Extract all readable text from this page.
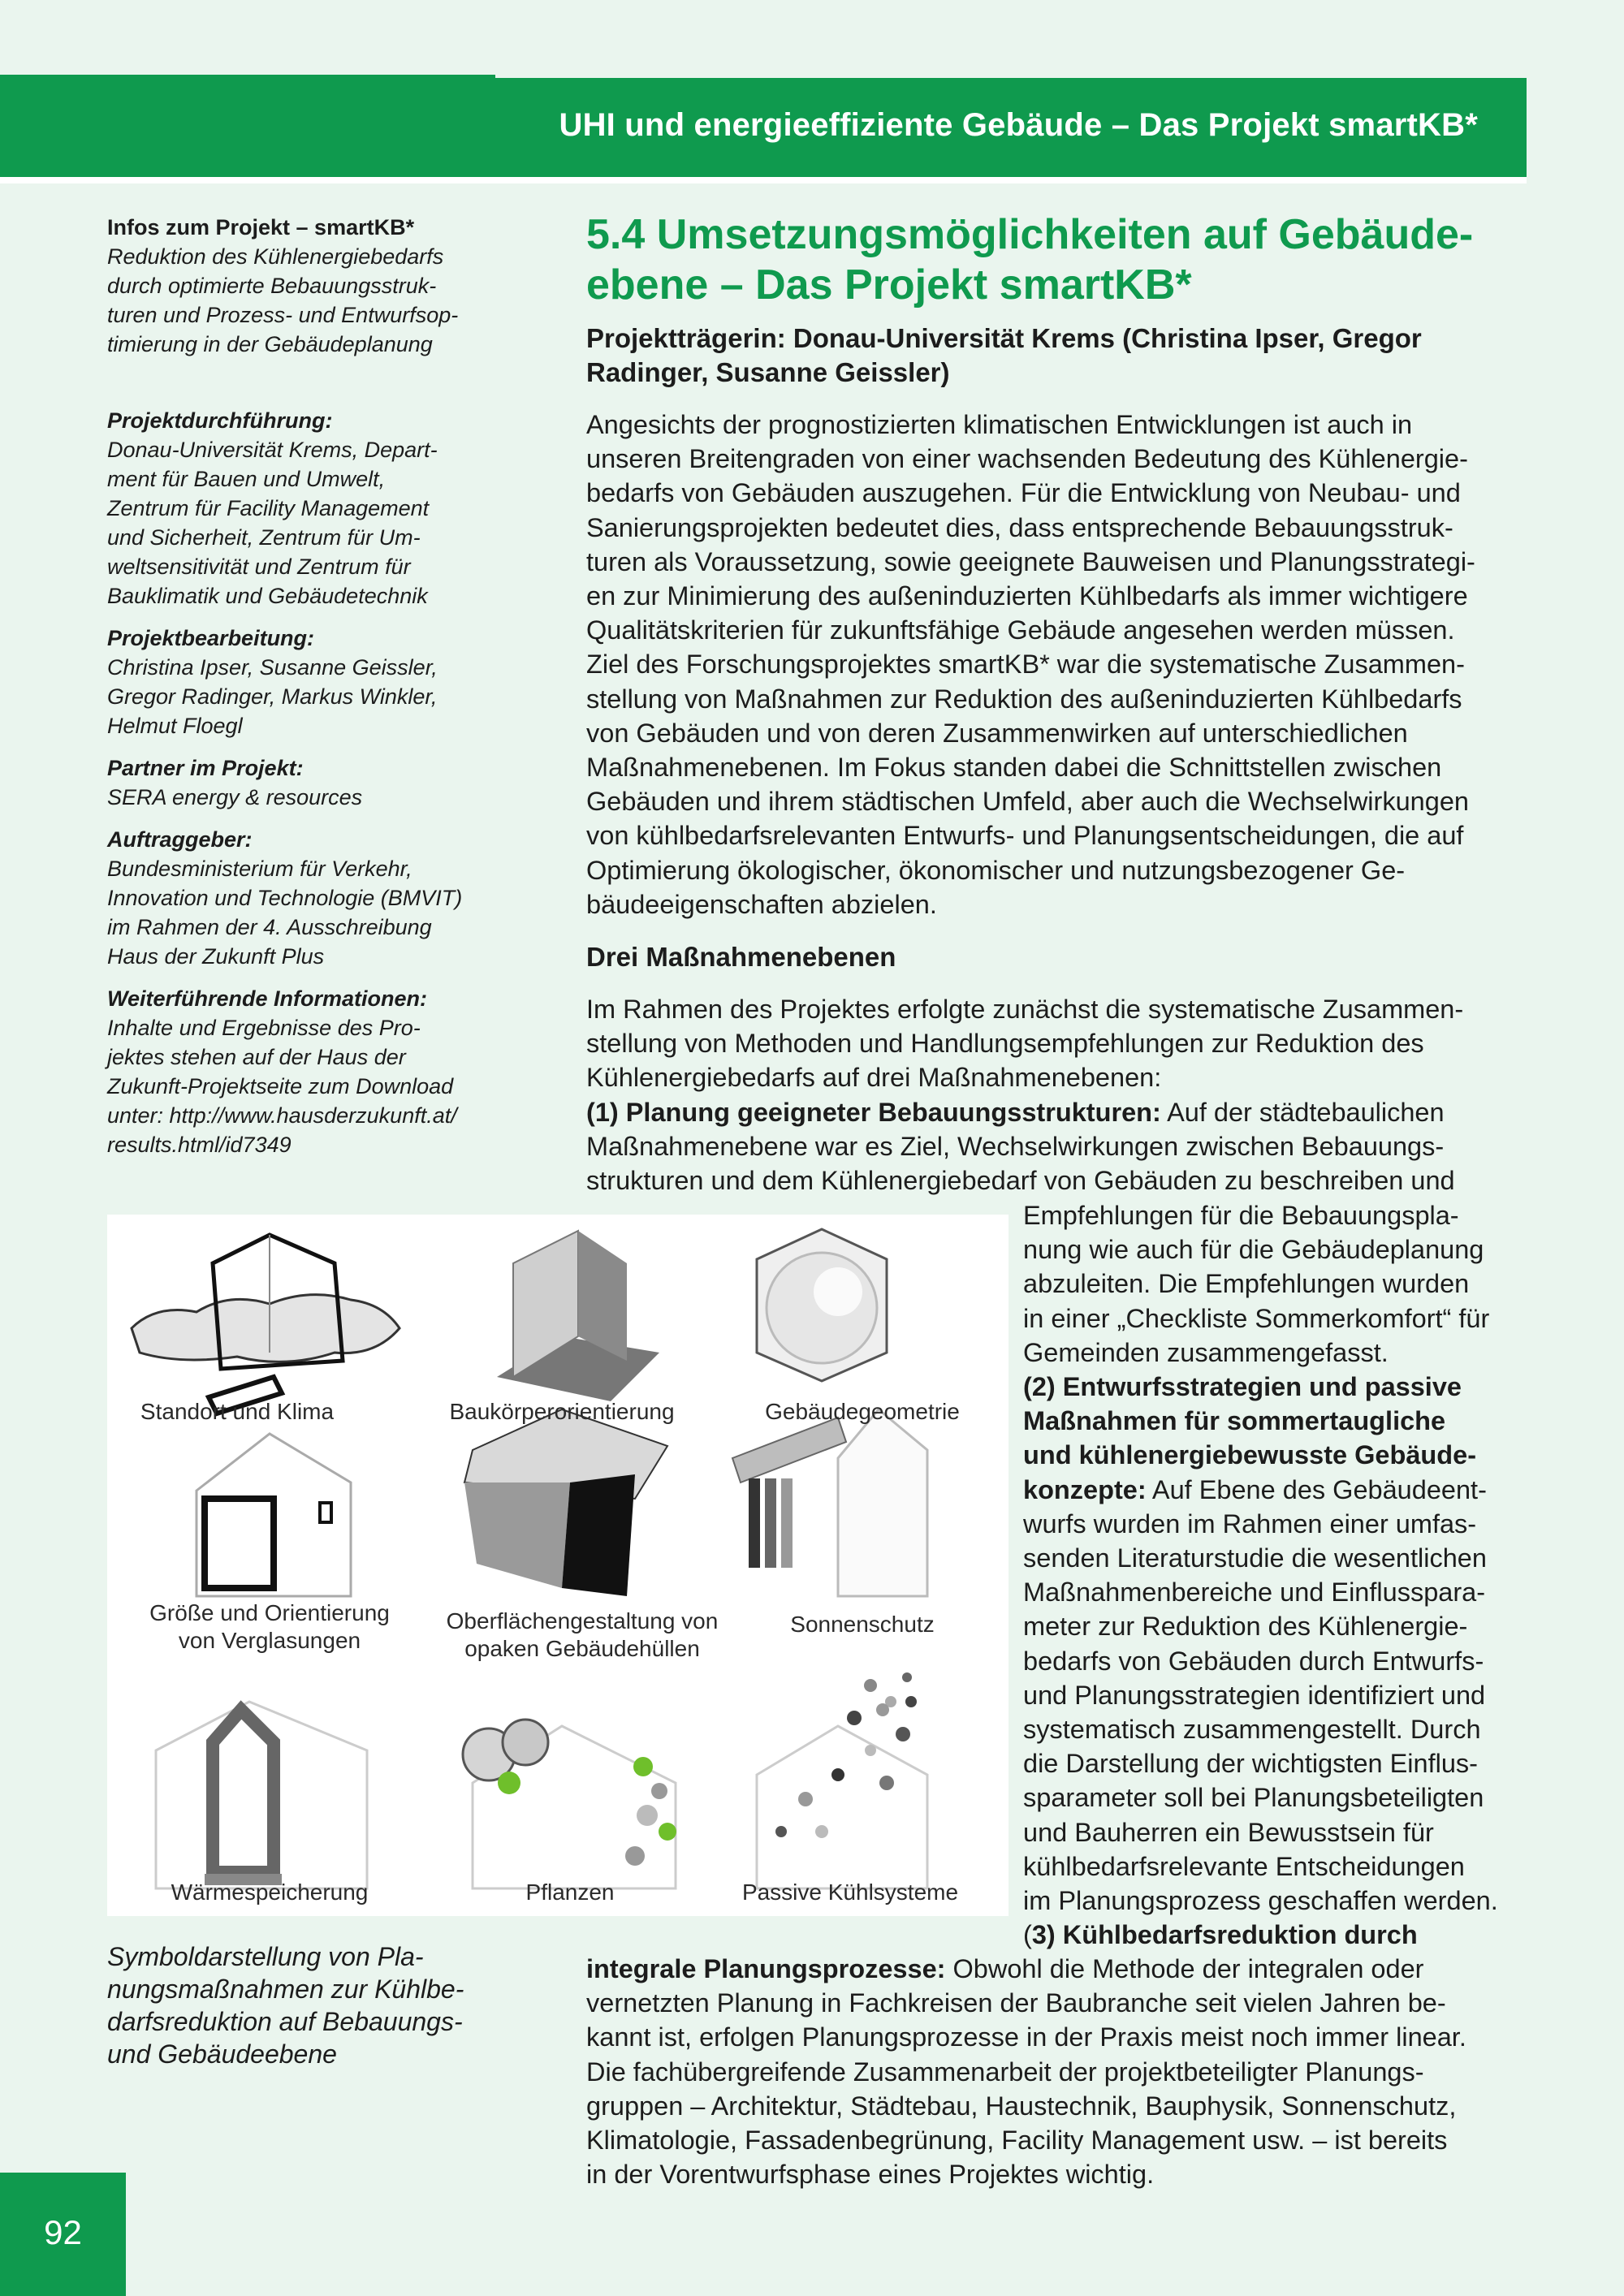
UHI und energieeffiziente Gebäude – Das Projekt smartKB*

Infos zum Projekt – smartKB*

Reduktion des Kühlenergiebedarfs
durch optimierte Bebauungsstruk-
turen und Prozess- und Entwurfsop-
timierung in der Gebäudeplanung

Projektdurchführung:

Donau-Universität Krems, Depart-
ment für Bauen und Umwelt,
Zentrum für Facility Management
und Sicherheit, Zentrum für Um-
weltsensitivität und Zentrum für
Bauklimatik und Gebäudetechnik

Projektbearbeitung:

Christina Ipser, Susanne Geissler,
Gregor Radinger, Markus Winkler,
Helmut Floegl

Partner im Projekt:

SERA energy & resources

Auftraggeber:

Bundesministerium für Verkehr,
Innovation und Technologie (BMVIT)
im Rahmen der 4. Ausschreibung
Haus der Zukunft Plus

Weiterführende Informationen:

Inhalte und Ergebnisse des Pro-
jektes stehen auf der Haus der
Zukunft-Projektseite zum Download
unter: http://www.hausderzukunft.at/
results.html/id7349

5.4 Umsetzungsmöglichkeiten auf Gebäude-
ebene – Das Projekt smartKB*
Projektträgerin: Donau-Universität Krems (Christina Ipser, Gregor
Radinger, Susanne Geissler)
Angesichts der prognostizierten klimatischen Entwicklungen ist auch in
unseren Breitengraden von einer wachsenden Bedeutung des Kühlenergie-
bedarfs von Gebäuden auszugehen. Für die Entwicklung von Neubau- und
Sanierungsprojekten bedeutet dies, dass entsprechende Bebauungsstruk-
turen als Voraussetzung, sowie geeignete Bauweisen und Planungsstrategi-
en zur Minimierung des außeninduzierten Kühlbedarfs als immer wichtigere
Qualitätskriterien für zukunftsfähige Gebäude angesehen werden müssen.
Ziel des Forschungsprojektes smartKB* war die systematische Zusammen-
stellung von Maßnahmen zur Reduktion des außeninduzierten Kühlbedarfs
von Gebäuden und von deren Zusammenwirken auf unterschiedlichen
Maßnahmenebenen. Im Fokus standen dabei die Schnittstellen zwischen
Gebäuden und ihrem städtischen Umfeld, aber auch die Wechselwirkungen
von kühlbedarfsrelevanten Entwurfs- und Planungsentscheidungen, die auf
Optimierung ökologischer, ökonomischer und nutzungsbezogener Ge-
bäudeeigenschaften abzielen.
Drei Maßnahmenebenen
Im Rahmen des Projektes erfolgte zunächst die systematische Zusammen-
stellung von Methoden und Handlungsempfehlungen zur Reduktion des
Kühlenergiebedarfs auf drei Maßnahmenebenen:
(1) Planung geeigneter Bebauungsstrukturen: Auf der städtebaulichen
Maßnahmenebene war es Ziel, Wechselwirkungen zwischen Bebauungs-
strukturen und dem Kühlenergiebedarf von Gebäuden zu beschreiben und
Empfehlungen für die Bebauungspla-
nung wie auch für die Gebäudeplanung
abzuleiten. Die Empfehlungen wurden
in einer „Checkliste Sommerkomfort“ für
Gemeinden zusammengefasst.
(2) Entwurfsstrategien und passive
Maßnahmen für sommertaugliche
und kühlenergiebewusste Gebäude-
konzepte: Auf Ebene des Gebäudeent-
wurfs wurden im Rahmen einer umfas-
senden Literaturstudie die wesentlichen
Maßnahmenbereiche und Einflusspara-
meter zur Reduktion des Kühlenergie-
bedarfs von Gebäuden durch Entwurfs-
und Planungsstrategien identifiziert und
systematisch zusammengestellt. Durch
die Darstellung der wichtigsten Einflus-
sparameter soll bei Planungsbeteiligten
und Bauherren ein Bewusstsein für
kühlbedarfsrelevante Entscheidungen
im Planungsprozess geschaffen werden.
(3) Kühlbedarfsreduktion durch
integrale Planungsprozesse: Obwohl die Methode der integralen oder
vernetzten Planung in Fachkreisen der Baubranche seit vielen Jahren be-
kannt ist, erfolgen Planungsprozesse in der Praxis meist noch immer linear.
Die fachübergreifende Zusammenarbeit der projektbeteiligter Planungs-
gruppen – Architektur, Städtebau, Haustechnik, Bauphysik, Sonnenschutz,
Klimatologie, Fassadenbegrünung, Facility Management usw. – ist bereits
in der Vorentwurfsphase eines Projektes wichtig.
Standort und Klima	Baukörperorientierung	Gebäudegeometrie
Größe und Orientierung
von Verglasungen
Oberflächengestaltung von
opaken Gebäudehüllen
Sonnenschutz
Wärmespeicherung	Pflanzen	Passive Kühlsysteme
Symboldarstellung von Pla-
nungsmaßnahmen zur Kühlbe-
darfsreduktion auf Bebauungs-
und Gebäudeebene
92
